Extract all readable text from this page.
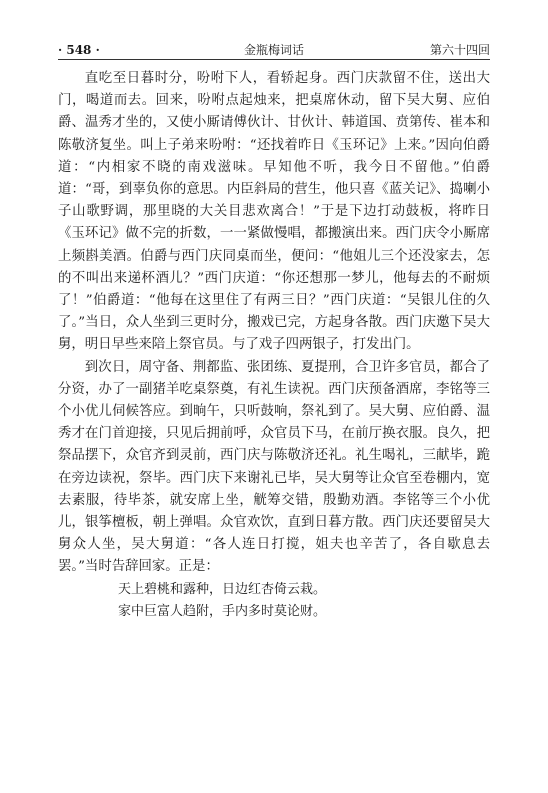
· 548 ·	金瓶梅词话	第六十四回

直吃至日暮时分，吩咐下人，看轿起身。西门庆款留不住，送出大门，喝道而去。回来，吩咐点起烛来，把桌席休动，留下吴大舅、应伯爵、温秀才坐的，又使小厮请傅伙计、甘伙计、韩道国、贲第传、崔本和陈敬济复坐。叫上子弟来吩咐：“还找着昨日《玉环记》上来。”因向伯爵道：“内相家不晓的南戏滋味。早知他不听，我今日不留他。”伯爵道：“哥，到辜负你的意思。内臣斜局的营生，他只喜《蓝关记》、捣喇小子山歌野调，那里晓的大关目悲欢离合！”于是下边打动鼓板，将昨日《玉环记》做不完的折数，一一紧做慢唱，都搬演出来。西门庆令小厮席上频斟美酒。伯爵与西门庆同桌而坐，便问：“他姐儿三个还没家去，怎的不叫出来递杯酒儿？”西门庆道：“你还想那一梦儿，他每去的不耐烦了！”伯爵道：“他每在这里住了有两三日？”西门庆道：“吴银儿住的久了。”当日，众人坐到三更时分，搬戏已完，方起身各散。西门庆邀下吴大舅，明日早些来陪上祭官员。与了戏子四两银子，打发出门。

到次日，周守备、荆都监、张团练、夏提刑，合卫许多官员，都合了分资，办了一副猪羊吃桌祭奠，有礼生读祝。西门庆预备酒席，李铭等三个小优儿伺候答应。到晌午，只听鼓响，祭礼到了。吴大舅、应伯爵、温秀才在门首迎接，只见后拥前呼，众官员下马，在前厅换衣服。良久，把祭品摆下，众官齐到灵前，西门庆与陈敬济还礼。礼生喝礼，三献毕，跪在旁边读祝，祭毕。西门庆下来谢礼已毕，吴大舅等让众官至卷棚内，宽去素服，待毕茶，就安席上坐，觥筹交错，殷勤劝酒。李铭等三个小优儿，银筝檀板，朝上弹唱。众官欢饮，直到日暮方散。西门庆还要留吴大舅众人坐，吴大舅道：“各人连日打搅，姐夫也辛苦了，各自歇息去罢。”当时告辞回家。正是：

天上碧桃和露种，日边红杏倚云栽。
家中巨富人趋附，手内多时莫论财。
